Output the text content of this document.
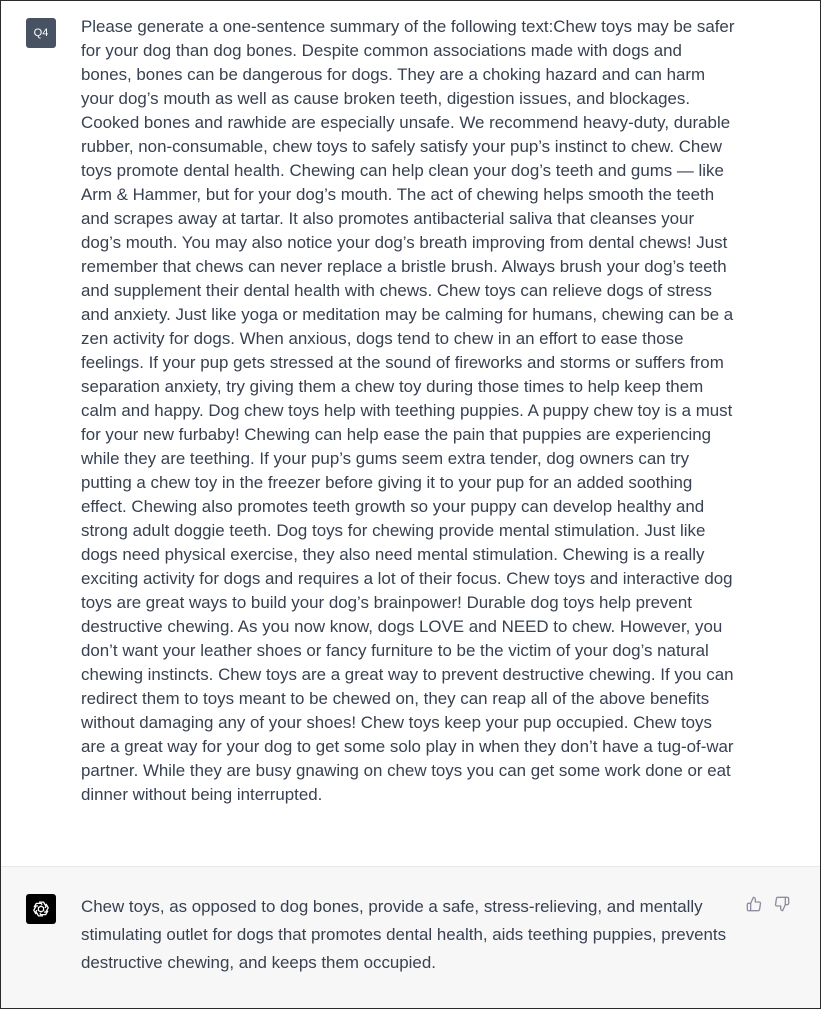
Q4 Please generate a one-sentence summary of the following text:Chew toys may be safer for your dog than dog bones. Despite common associations made with dogs and bones, bones can be dangerous for dogs. They are a choking hazard and can harm your dog’s mouth as well as cause broken teeth, digestion issues, and blockages. Cooked bones and rawhide are especially unsafe. We recommend heavy-duty, durable rubber, non-consumable, chew toys to safely satisfy your pup’s instinct to chew. Chew toys promote dental health. Chewing can help clean your dog’s teeth and gums — like Arm & Hammer, but for your dog’s mouth. The act of chewing helps smooth the teeth and scrapes away at tartar. It also promotes antibacterial saliva that cleanses your dog’s mouth. You may also notice your dog’s breath improving from dental chews! Just remember that chews can never replace a bristle brush. Always brush your dog’s teeth and supplement their dental health with chews. Chew toys can relieve dogs of stress and anxiety. Just like yoga or meditation may be calming for humans, chewing can be a zen activity for dogs. When anxious, dogs tend to chew in an effort to ease those feelings. If your pup gets stressed at the sound of fireworks and storms or suffers from separation anxiety, try giving them a chew toy during those times to help keep them calm and happy. Dog chew toys help with teething puppies. A puppy chew toy is a must for your new furbaby! Chewing can help ease the pain that puppies are experiencing while they are teething. If your pup’s gums seem extra tender, dog owners can try putting a chew toy in the freezer before giving it to your pup for an added soothing effect. Chewing also promotes teeth growth so your puppy can develop healthy and strong adult doggie teeth. Dog toys for chewing provide mental stimulation. Just like dogs need physical exercise, they also need mental stimulation. Chewing is a really exciting activity for dogs and requires a lot of their focus. Chew toys and interactive dog toys are great ways to build your dog’s brainpower! Durable dog toys help prevent destructive chewing. As you now know, dogs LOVE and NEED to chew. However, you don’t want your leather shoes or fancy furniture to be the victim of your dog’s natural chewing instincts. Chew toys are a great way to prevent destructive chewing. If you can redirect them to toys meant to be chewed on, they can reap all of the above benefits without damaging any of your shoes! Chew toys keep your pup occupied. Chew toys are a great way for your dog to get some solo play in when they don’t have a tug-of-war partner. While they are busy gnawing on chew toys you can get some work done or eat dinner without being interrupted.

Chew toys, as opposed to dog bones, provide a safe, stress-relieving, and mentally stimulating outlet for dogs that promotes dental health, aids teething puppies, prevents destructive chewing, and keeps them occupied.
